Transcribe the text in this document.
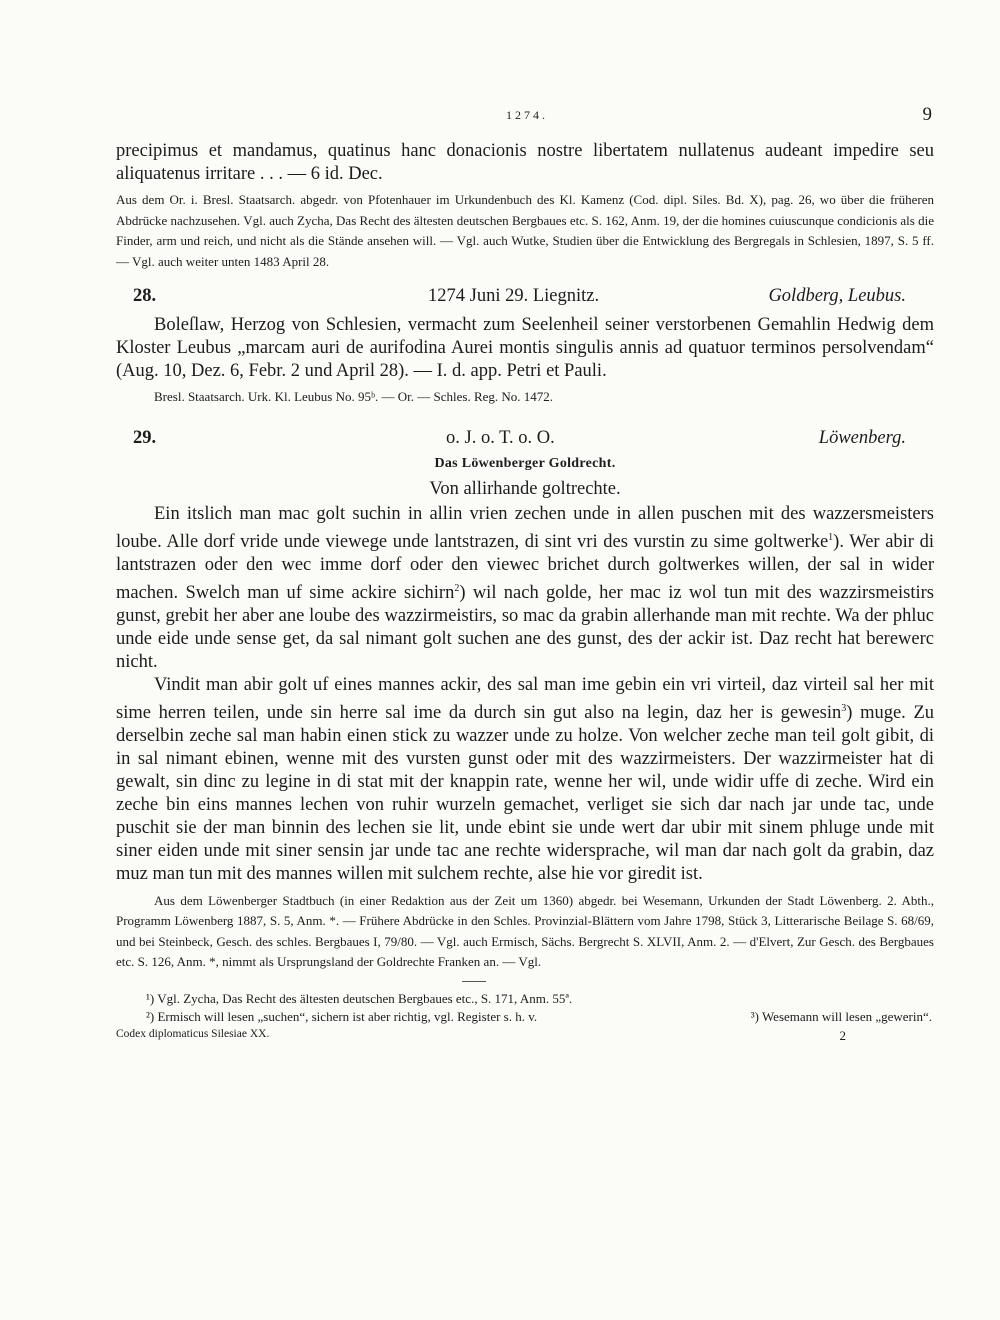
1274.	9

precipimus et mandamus, quatinus hanc donacionis nostre libertatem nullatenus audeant impedire seu aliquatenus irritare . . . — 6 id. Dec.

Aus dem Or. i. Bresl. Staatsarch. abgedr. von Pfotenhauer im Urkundenbuch des Kl. Kamenz (Cod. dipl. Siles. Bd. X), pag. 26, wo über die früheren Abdrücke nachzusehen. Vgl. auch Zycha, Das Recht des ältesten deutschen Bergbaues etc. S. 162, Anm. 19, der die homines cuiuscunque condicionis als die Finder, arm und reich, und nicht als die Stände ansehen will. — Vgl. auch Wutke, Studien über die Entwicklung des Bergregals in Schlesien, 1897, S. 5 ff. — Vgl. auch weiter unten 1483 April 28.

28.	1274 Juni 29. Liegnitz.	Goldberg, Leubus.

Boleſlaw, Herzog von Schlesien, vermacht zum Seelenheil seiner verstorbenen Gemahlin Hedwig dem Kloster Leubus „marcam auri de aurifodina Aurei montis singulis annis ad quatuor terminos persolvendam“ (Aug. 10, Dez. 6, Febr. 2 und April 28). — I. d. app. Petri et Pauli.

Bresl. Staatsarch. Urk. Kl. Leubus No. 95ᵇ. — Or. — Schles. Reg. No. 1472.

29.	o. J. o. T. o. O.	Löwenberg.
Das Löwenberger Goldrecht.
Von allirhande goltrechte.

Ein itslich man mac golt suchin in allin vrien zechen unde in allen puschen mit des wazzersmeisters loube. Alle dorf vride unde viewege unde lantstrazen, di sint vri des vurstin zu sime goltwerke$^1$). Wer abir di lantstrazen oder den wec imme dorf oder den viewec brichet durch goltwerkes willen, der sal in wider machen. Swelch man uf sime ackire sichirn$^2$) wil nach golde, her mac iz wol tun mit des wazzirsmeistirs gunst, grebit her aber ane loube des wazzirmeistirs, so mac da grabin allerhande man mit rechte. Wa der phluc unde eide unde sense get, da sal nimant golt suchen ane des gunst, des der ackir ist. Daz recht hat berewerc nicht.

Vindit man abir golt uf eines mannes ackir, des sal man ime gebin ein vri virteil, daz virteil sal her mit sime herren teilen, unde sin herre sal ime da durch sin gut also na legin, daz her is gewesin$^3$) muge. Zu derselbin zeche sal man habin einen stick zu wazzer unde zu holze. Von welcher zeche man teil golt gibit, di in sal nimant ebinen, wenne mit des vursten gunst oder mit des wazzirmeisters. Der wazzirmeister hat di gewalt, sin dinc zu legine in di stat mit der knappin rate, wenne her wil, unde widir uffe di zeche. Wird ein zeche bin eins mannes lechen von ruhir wurzeln gemachet, verliget sie sich dar nach jar unde tac, unde puschit sie der man binnin des lechen sie lit, unde ebint sie unde wert dar ubir mit sinem phluge unde mit siner eiden unde mit siner sensin jar unde tac ane rechte widersprache, wil man dar nach golt da grabin, daz muz man tun mit des mannes willen mit sulchem rechte, alse hie vor giredit ist.

Aus dem Löwenberger Stadtbuch (in einer Redaktion aus der Zeit um 1360) abgedr. bei Wesemann, Urkunden der Stadt Löwenberg. 2. Abth., Programm Löwenberg 1887, S. 5, Anm. *. — Frühere Abdrücke in den Schles. Provinzial-Blättern vom Jahre 1798, Stück 3, Litterarische Beilage S. 68/69, und bei Steinbeck, Gesch. des schles. Bergbaues I, 79/80. — Vgl. auch Ermisch, Sächs. Bergrecht S. XLVII, Anm. 2. — d'Elvert, Zur Gesch. des Bergbaues etc. S. 126, Anm. *, nimmt als Ursprungsland der Goldrechte Franken an. — Vgl.

¹) Vgl. Zycha, Das Recht des ältesten deutschen Bergbaues etc., S. 171, Anm. 55ª.

²) Ermisch will lesen „suchen“, sichern ist aber richtig, vgl. Register s. h. v.	³) Wesemann will lesen „gewerin“.
Codex diplomaticus Silesiae XX.	2
